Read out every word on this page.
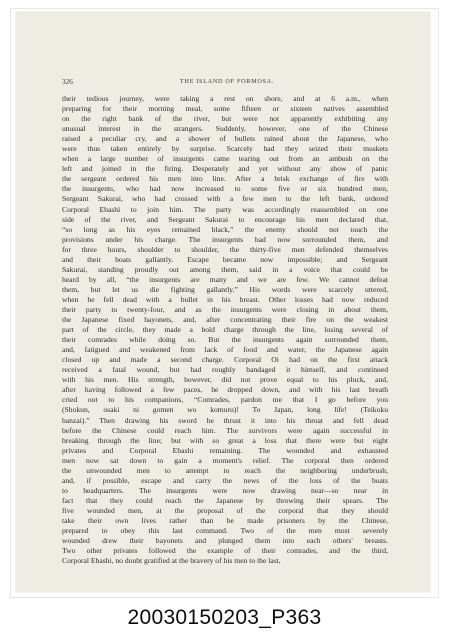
326	THE ISLAND OF FORMOSA.
their tedious journey, were taking a rest on shore, and at 6 a.m., when
preparing for their morning meal, some fifteen or sixteen natives assembled
on the right bank of the river, but were not apparently exhibiting any
unusual interest in the strangers. Suddenly, however, one of the Chinese
raised a peculiar cry, and a shower of bullets rained about the Japanese, who
were thus taken entirely by surprise. Scarcely had they seized their muskets
when a large number of insurgents came tearing out from an ambush on the
left and joined in the firing. Desperately and yet without any show of panic
the sergeant ordered his men into line. After a brisk exchange of fire with
the insurgents, who had now increased to some five or six hundred men,
Sergeant Sakurai, who had crossed with a few men to the left bank, ordered
Corporal Ebashi to join him. The party was accordingly reassembled on one
side of the river, and Sergeant Sakurai to encourage his men declared that,
“so long as his eyes remained black,” the enemy should not touch the
provisions under his charge. The insurgents had now surrounded them, and
for three hours, shoulder to shoulder, the thirty-five men defended themselves
and their boats gallantly. Escape became now impossible; and Sergeant
Sakurai, standing proudly out among them, said in a voice that could be
heard by all, “the insurgents are many and we are few. We cannot defeat
them, but let us die fighting gallantly.” His words were scarcely uttered,
when he fell dead with a bullet in his breast. Other losses had now reduced
their party to twenty-four, and as the insurgents were closing in about them,
the Japanese fixed bayonets, and, after concentrating their fire on the weakest
part of the circle, they made a bold charge through the line, losing several of
their comrades while doing so. But the insurgents again surrounded them,
and, fatigued and weakened from lack of food and water, the Japanese again
closed up and made a second charge. Corporal Oi had on the first attack
received a fatal wound, but had roughly bandaged it himself, and continued
with his men. His strength, however, did not prove equal to his pluck, and,
after having followed a few paces, he dropped down, and with his last breath
cried out to his companions, “Comrades, pardon me that I go before you
(Shokun, osaki ni gomen wo komuru)! To Japan, long life! (Teikoku
banzai).” Then drawing his sword he thrust it into his throat and fell dead
before the Chinese could reach him. The survivors were again successful in
breaking through the line; but with so great a loss that there were but eight
privates and Corporal Ebashi remaining. The wounded and exhausted
men now sat down to gain a moment's relief. The corporal then ordered
the unwounded men to attempt to reach the neighboring underbrush,
and, if possible, escape and carry the news of the loss of the boats
to headquarters. The insurgents were now drawing near—so near in
fact that they could reach the Japanese by throwing their spears. The
five wounded men, at the proposal of the corporal that they should
take their own lives rather than be made prisoners by the Chinese,
prepared to obey this last command. Two of the men most severely
wounded drew their bayonets and plunged them into each others' breasts.
Two other privates followed the example of their comrades, and the third,
Corporal Ebashi, no doubt gratified at the bravery of his men to the last,
20030150203_P363
